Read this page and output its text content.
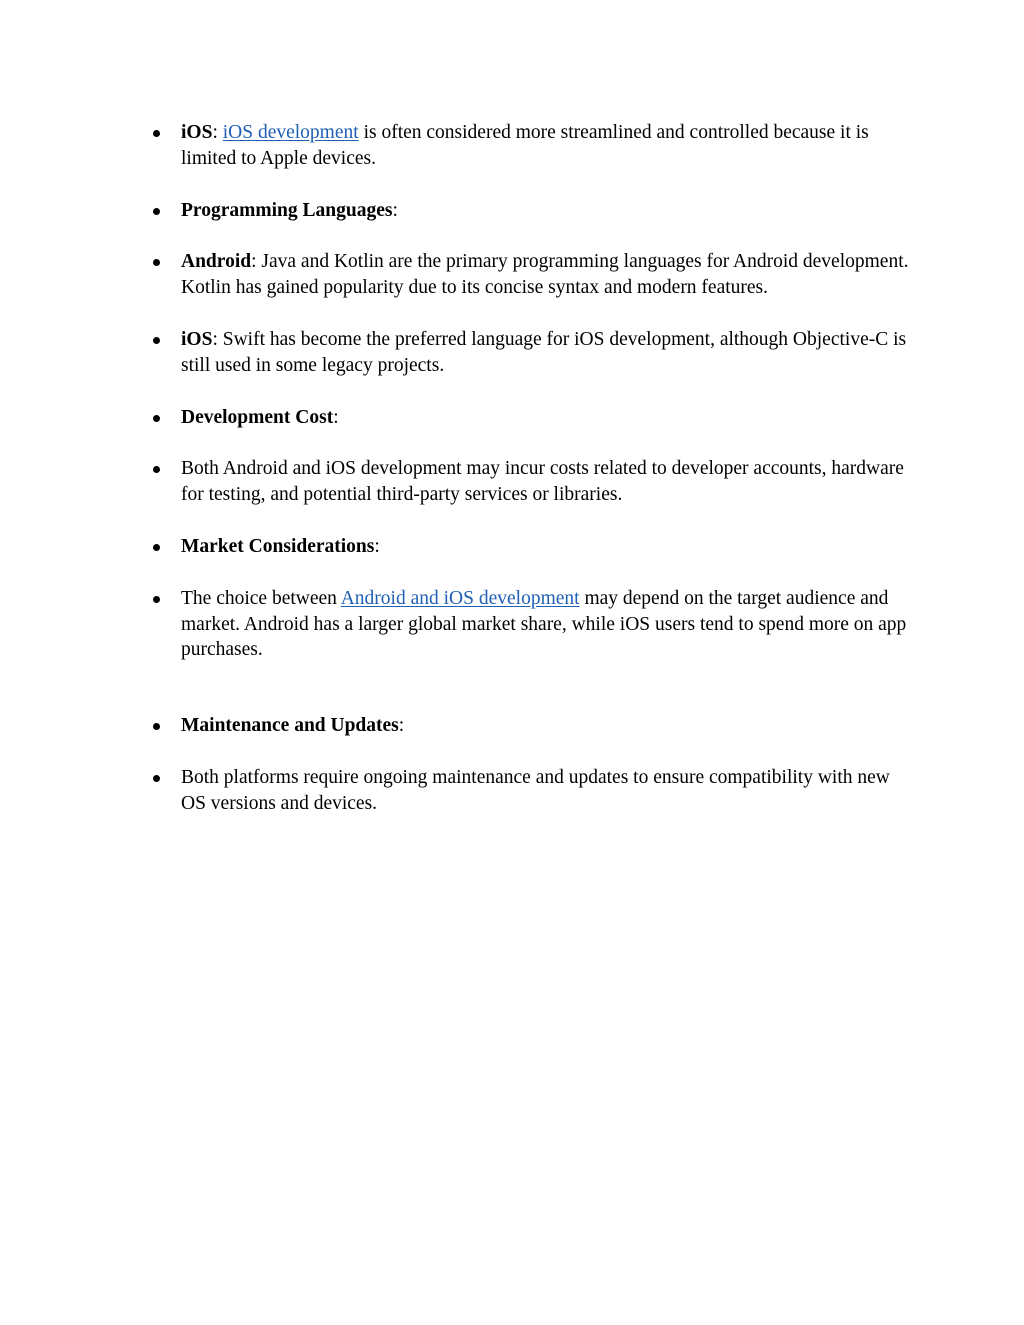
iOS: iOS development is often considered more streamlined and controlled because it is limited to Apple devices.
Programming Languages:
Android: Java and Kotlin are the primary programming languages for Android development. Kotlin has gained popularity due to its concise syntax and modern features.
iOS: Swift has become the preferred language for iOS development, although Objective-C is still used in some legacy projects.
Development Cost:
Both Android and iOS development may incur costs related to developer accounts, hardware for testing, and potential third-party services or libraries.
Market Considerations:
The choice between Android and iOS development may depend on the target audience and market. Android has a larger global market share, while iOS users tend to spend more on app purchases.
Maintenance and Updates:
Both platforms require ongoing maintenance and updates to ensure compatibility with new OS versions and devices.
